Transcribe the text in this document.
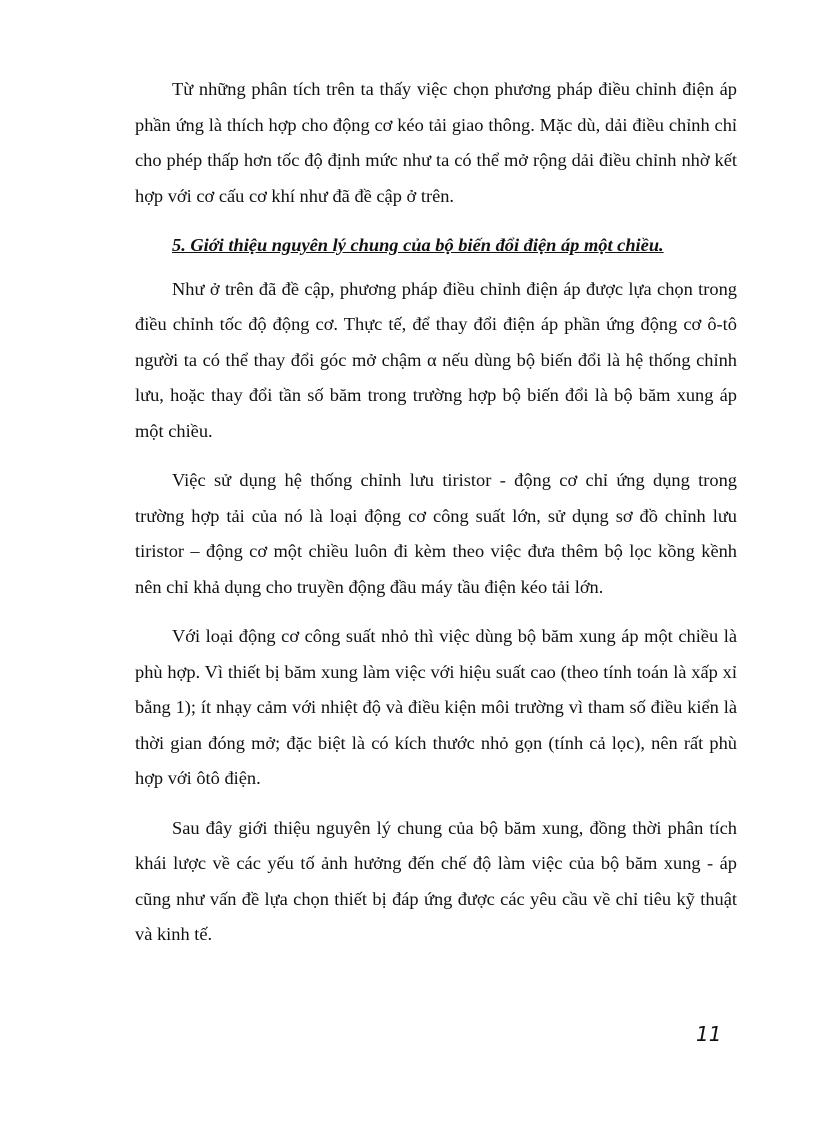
Từ những phân tích trên ta thấy việc chọn phương pháp điều chỉnh điện áp phần ứng là thích hợp cho động cơ kéo tải giao thông. Mặc dù, dải điều chỉnh chỉ cho phép thấp hơn tốc độ định mức như ta có thể mở rộng dải điều chỉnh nhờ kết hợp với cơ cấu cơ khí như đã đề cập ở trên.

5. Giới thiệu nguyên lý chung của bộ biến đổi điện áp một chiều.

Như ở trên đã đề cập, phương pháp điều chỉnh điện áp được lựa chọn trong điều chỉnh tốc độ động cơ. Thực tế, để thay đổi điện áp phần ứng động cơ ô-tô người ta có thể thay đổi góc mở chậm α nếu dùng bộ biến đổi là hệ thống chỉnh lưu, hoặc thay đổi tần số băm trong trường hợp bộ biến đổi là bộ băm xung áp một chiều.

Việc sử dụng hệ thống chỉnh lưu tiristor - động cơ chỉ ứng dụng trong trường hợp tải của nó là loại động cơ công suất lớn, sử dụng sơ đồ chỉnh lưu tiristor – động cơ một chiều luôn đi kèm theo việc đưa thêm bộ lọc kồng kềnh nên chỉ khả dụng cho truyền động đầu máy tầu điện kéo tải lớn.

Với loại động cơ công suất nhỏ thì việc dùng bộ băm xung áp một chiều là phù hợp. Vì thiết bị băm xung làm việc với hiệu suất cao (theo tính toán là xấp xỉ bằng 1); ít nhạy cảm với nhiệt độ và điều kiện môi trường vì tham số điều kiển là thời gian đóng mở; đặc biệt là có kích thước nhỏ gọn (tính cả lọc), nên rất phù hợp với ôtô điện.

Sau đây giới thiệu nguyên lý chung của bộ băm xung, đồng thời phân tích khái lược về các yếu tố ảnh hưởng đến chế độ làm việc của bộ băm xung - áp cũng như vấn đề lựa chọn thiết bị đáp ứng được các yêu cầu về chỉ tiêu kỹ thuật và kinh tế.

11
